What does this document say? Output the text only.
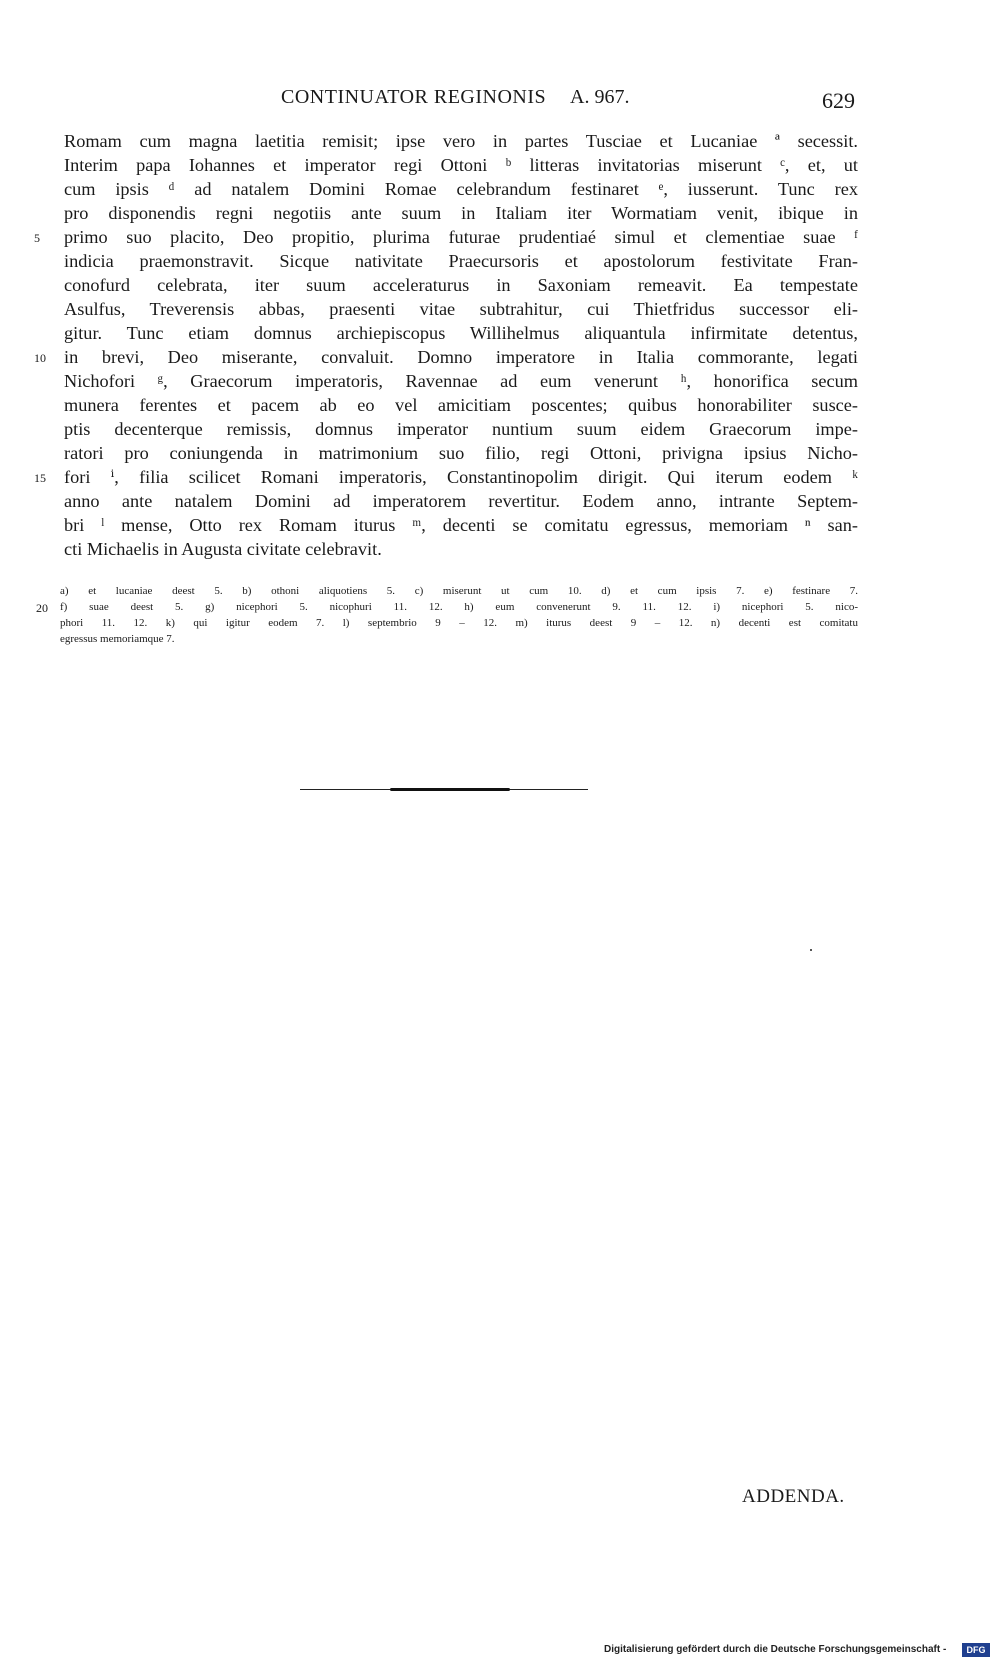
CONTINUATOR REGINONIS A. 967.	629
Romam cum magna laetitia remisit; ipse vero in partes Tusciae et Lucaniae ª secessit.
Interim papa Iohannes et imperator regi Ottoni ᵇ litteras invitatorias miserunt ᶜ, et, ut
cum ipsis ᵈ ad natalem Domini Romae celebrandum festinaret ᵉ, iusserunt. Tunc rex
pro disponendis regni negotiis ante suum in Italiam iter Wormatiam venit, ibique in
primo suo placito, Deo propitio, plurima futurae prudentiaé simul et clementiae suae ᶠ
indicia praemonstravit. Sicque nativitate Praecursoris et apostolorum festivitate Fran-
conofurd celebrata, iter suum acceleraturus in Saxoniam remeavit. Ea tempestate
Asulfus, Treverensis abbas, praesenti vitae subtrahitur, cui Thietfridus successor eli-
gitur. Tunc etiam domnus archiepiscopus Willihelmus aliquantula infirmitate detentus,
in brevi, Deo miserante, convaluit. Domno imperatore in Italia commorante, legati
Nichofori ᵍ, Graecorum imperatoris, Ravennae ad eum venerunt ʰ, honorifica secum
munera ferentes et pacem ab eo vel amicitiam poscentes; quibus honorabiliter susce-
ptis decenterque remissis, domnus imperator nuntium suum eidem Graecorum impe-
ratori pro coniungenda in matrimonium suo filio, regi Ottoni, privigna ipsius Nicho-
fori ⁱ, filia scilicet Romani imperatoris, Constantinopolim dirigit. Qui iterum eodem ᵏ
anno ante natalem Domini ad imperatorem revertitur. Eodem anno, intrante Septem-
bri ˡ mense, Otto rex Romam iturus ᵐ, decenti se comitatu egressus, memoriam ⁿ san-
cti Michaelis in Augusta civitate celebravit.
5
10
15
a) et lucaniae deest 5. b) othoni aliquotiens 5. c) miserunt ut cum 10. d) et cum ipsis 7. e) festinare 7.
f) suae deest 5. g) nicephori 5. nicophuri 11. 12. h) eum convenerunt 9. 11. 12. i) nicephori 5. nico-
phori 11. 12. k) qui igitur eodem 7. l) septembrio 9 – 12. m) iturus deest 9 – 12. n) decenti est comitatu
egressus memoriamque 7.
20
ADDENDA.
Digitalisierung gefördert durch die Deutsche Forschungsgemeinschaft -	DFG
